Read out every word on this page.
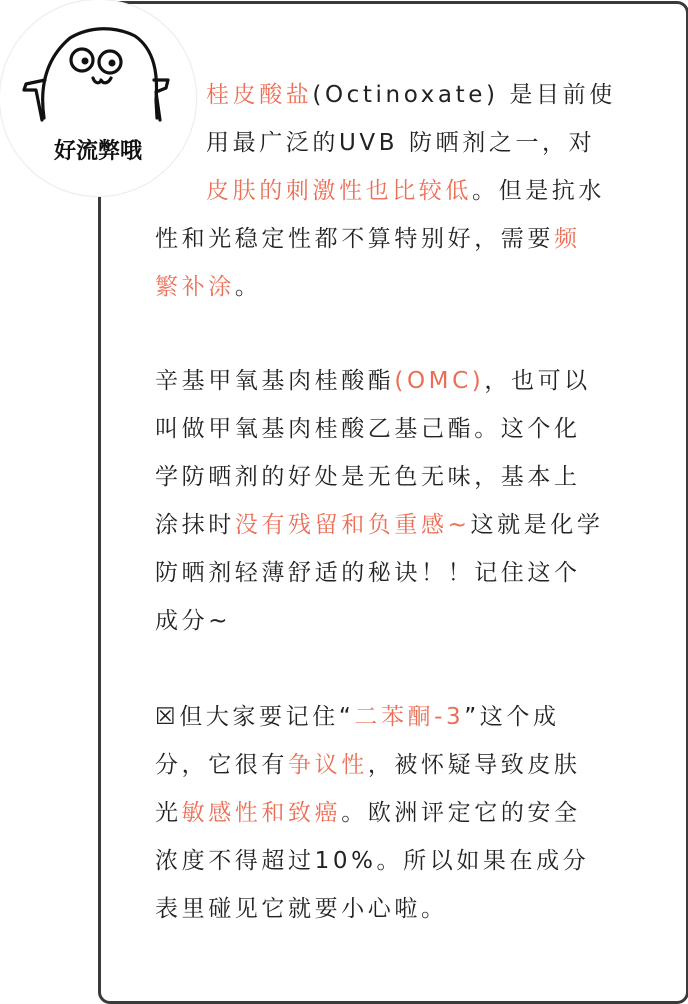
好流弊哦
桂皮酸盐(Octinoxate) 是目前使
用最广泛的UVB 防晒剂之一，对
皮肤的刺激性也比较低。但是抗水
性和光稳定性都不算特别好，需要频
繁补涂。
辛基甲氧基肉桂酸酯(OMC)，也可以
叫做甲氧基肉桂酸乙基己酯。这个化
学防晒剂的好处是无色无味，基本上
涂抹时没有残留和负重感~这就是化学
防晒剂轻薄舒适的秘诀！！记住这个
成分~
☒但大家要记住“二苯酮-3”这个成
分，它很有争议性，被怀疑导致皮肤
光敏感性和致癌。欧洲评定它的安全
浓度不得超过10%。所以如果在成分
表里碰见它就要小心啦。
